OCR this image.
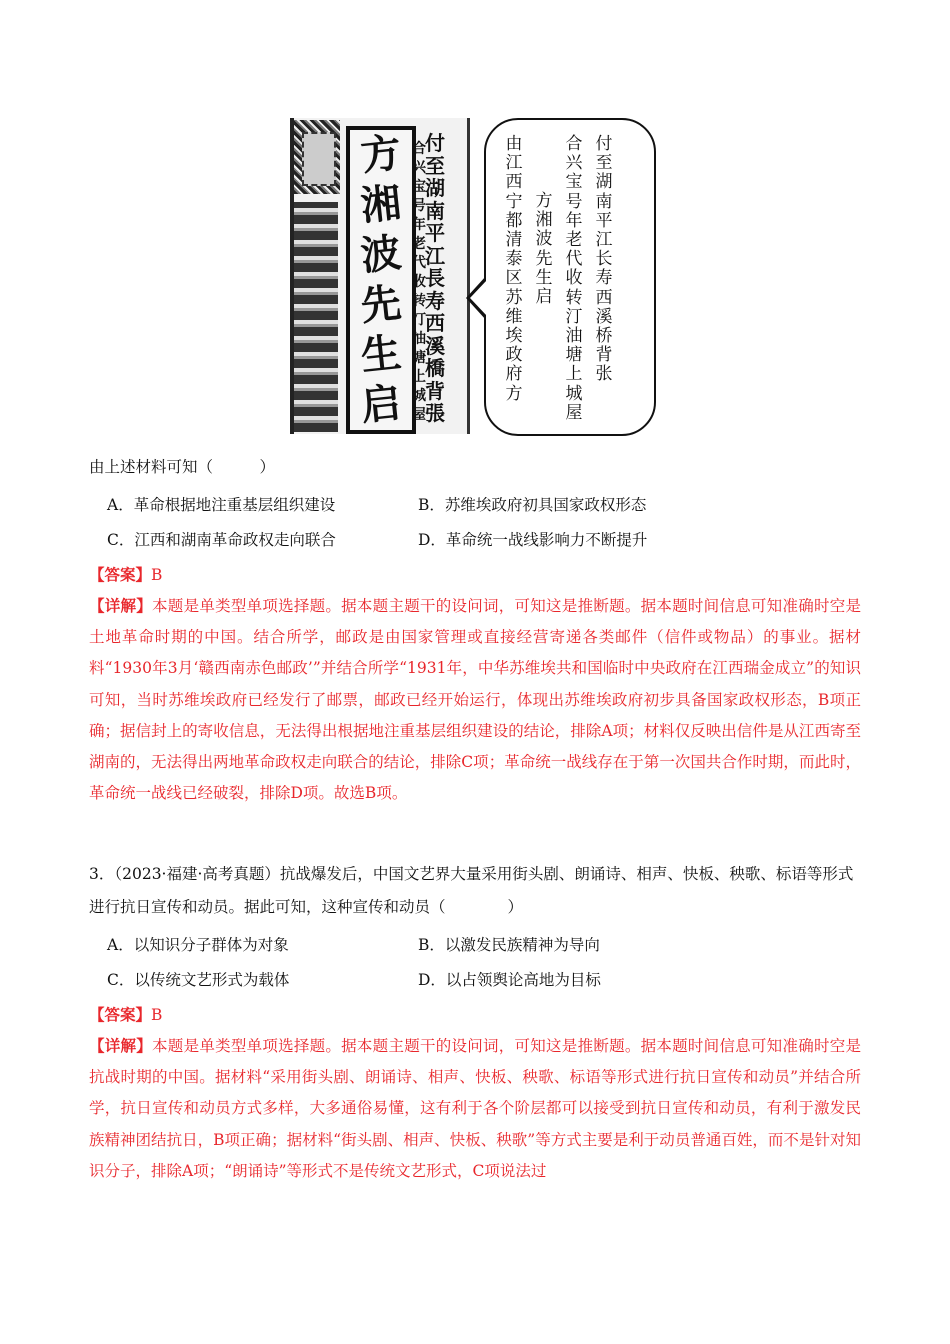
方
湘
波
先
生
启
付
至
湖
南
平
江
長
寿
西
溪
橋
背
張
合
兴
宝
号
年
老
代
收
转
汀
油
塘
上
城
屋
付至湖南平江长寿西溪桥背张
合兴宝号年老代收转汀油塘上城屋
方湘波先生启
由江西宁都清泰区苏维埃政府方
由上述材料可知（　　　）
A．革命根据地注重基层组织建设	B．苏维埃政府初具国家政权形态
C．江西和湖南革命政权走向联合	D．革命统一战线影响力不断提升
【答案】B
【详解】本题是单类型单项选择题。据本题主题干的设问词，可知这是推断题。据本题时间信息可知准确时空是土地革命时期的中国。结合所学，邮政是由国家管理或直接经营寄递各类邮件（信件或物品）的事业。据材料“1930年3月‘赣西南赤色邮政’”并结合所学“1931年，中华苏维埃共和国临时中央政府在江西瑞金成立”的知识可知，当时苏维埃政府已经发行了邮票，邮政已经开始运行，体现出苏维埃政府初步具备国家政权形态，B项正确；据信封上的寄收信息，无法得出根据地注重基层组织建设的结论，排除A项；材料仅反映出信件是从江西寄至湖南的，无法得出两地革命政权走向联合的结论，排除C项；革命统一战线存在于第一次国共合作时期，而此时，革命统一战线已经破裂，排除D项。故选B项。
3．（2023·福建·高考真题）抗战爆发后，中国文艺界大量采用街头剧、朗诵诗、相声、快板、秧歌、标语等形式进行抗日宣传和动员。据此可知，这种宣传和动员（　　　　）
A．以知识分子群体为对象	B．以激发民族精神为导向
C．以传统文艺形式为载体	D．以占领舆论高地为目标
【答案】B
【详解】本题是单类型单项选择题。据本题主题干的设问词，可知这是推断题。据本题时间信息可知准确时空是抗战时期的中国。据材料“采用街头剧、朗诵诗、相声、快板、秧歌、标语等形式进行抗日宣传和动员”并结合所学，抗日宣传和动员方式多样，大多通俗易懂，这有利于各个阶层都可以接受到抗日宣传和动员，有利于激发民族精神团结抗日，B项正确；据材料“街头剧、相声、快板、秧歌”等方式主要是利于动员普通百姓，而不是针对知识分子，排除A项；“朗诵诗”等形式不是传统文艺形式，C项说法过
